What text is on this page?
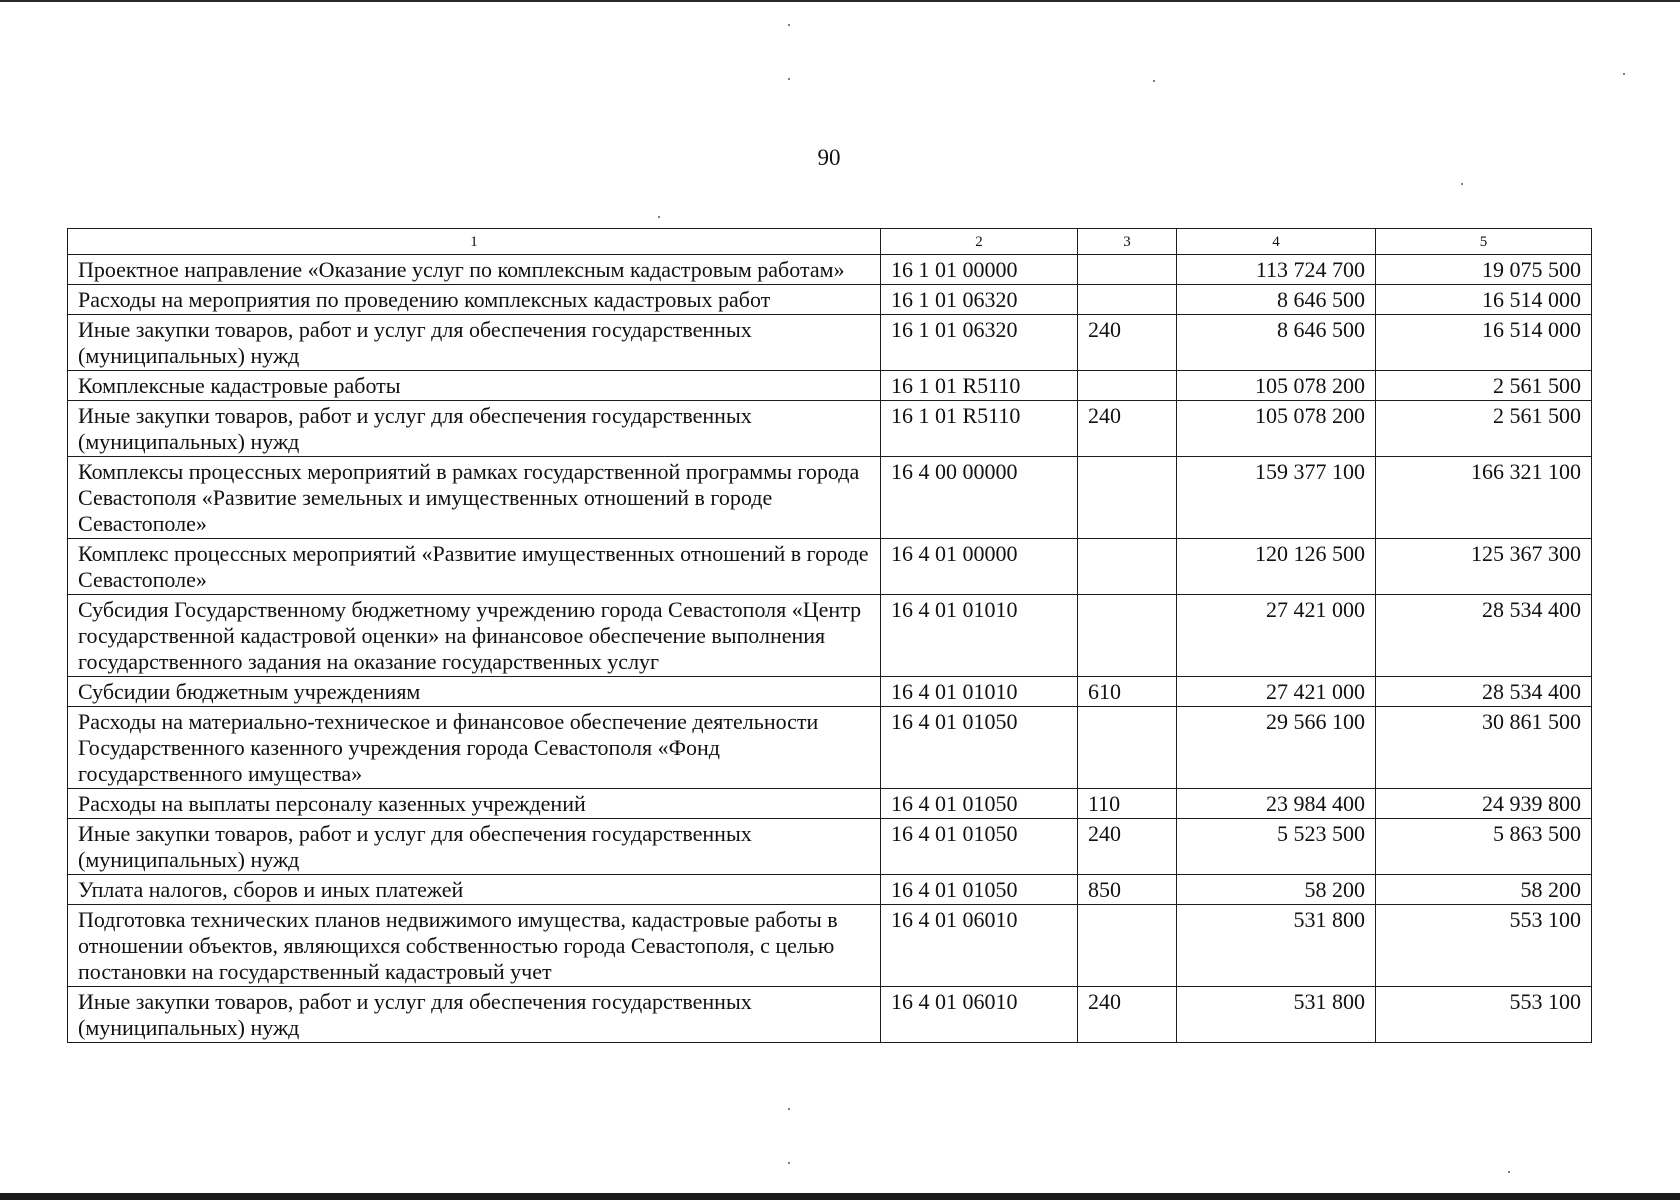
90
1	2	3	4	5
Проектное направление «Оказание услуг по комплексным кадастровым работам»	16 1 01 00000		113 724 700	19 075 500
Расходы на мероприятия по проведению комплексных кадастровых работ	16 1 01 06320		8 646 500	16 514 000
Иные закупки товаров, работ и услуг для обеспечения государственных (муниципальных) нужд	16 1 01 06320	240	8 646 500	16 514 000
Комплексные кадастровые работы	16 1 01 R5110		105 078 200	2 561 500
Иные закупки товаров, работ и услуг для обеспечения государственных (муниципальных) нужд	16 1 01 R5110	240	105 078 200	2 561 500
Комплексы процессных мероприятий в рамках государственной программы города Севастополя «Развитие земельных и имущественных отношений в городе Севастополе»	16 4 00 00000		159 377 100	166 321 100
Комплекс процессных мероприятий «Развитие имущественных отношений в городе Севастополе»	16 4 01 00000		120 126 500	125 367 300
Субсидия Государственному бюджетному учреждению города Севастополя «Центр государственной кадастровой оценки» на финансовое обеспечение выполнения государственного задания на оказание государственных услуг	16 4 01 01010		27 421 000	28 534 400
Субсидии бюджетным учреждениям	16 4 01 01010	610	27 421 000	28 534 400
Расходы на материально-техническое и финансовое обеспечение деятельности Государственного казенного учреждения города Севастополя «Фонд государственного имущества»	16 4 01 01050		29 566 100	30 861 500
Расходы на выплаты персоналу казенных учреждений	16 4 01 01050	110	23 984 400	24 939 800
Иные закупки товаров, работ и услуг для обеспечения государственных (муниципальных) нужд	16 4 01 01050	240	5 523 500	5 863 500
Уплата налогов, сборов и иных платежей	16 4 01 01050	850	58 200	58 200
Подготовка технических планов недвижимого имущества, кадастровые работы в отношении объектов, являющихся собственностью города Севастополя, с целью постановки на государственный кадастровый учет	16 4 01 06010		531 800	553 100
Иные закупки товаров, работ и услуг для обеспечения государственных (муниципальных) нужд	16 4 01 06010	240	531 800	553 100
